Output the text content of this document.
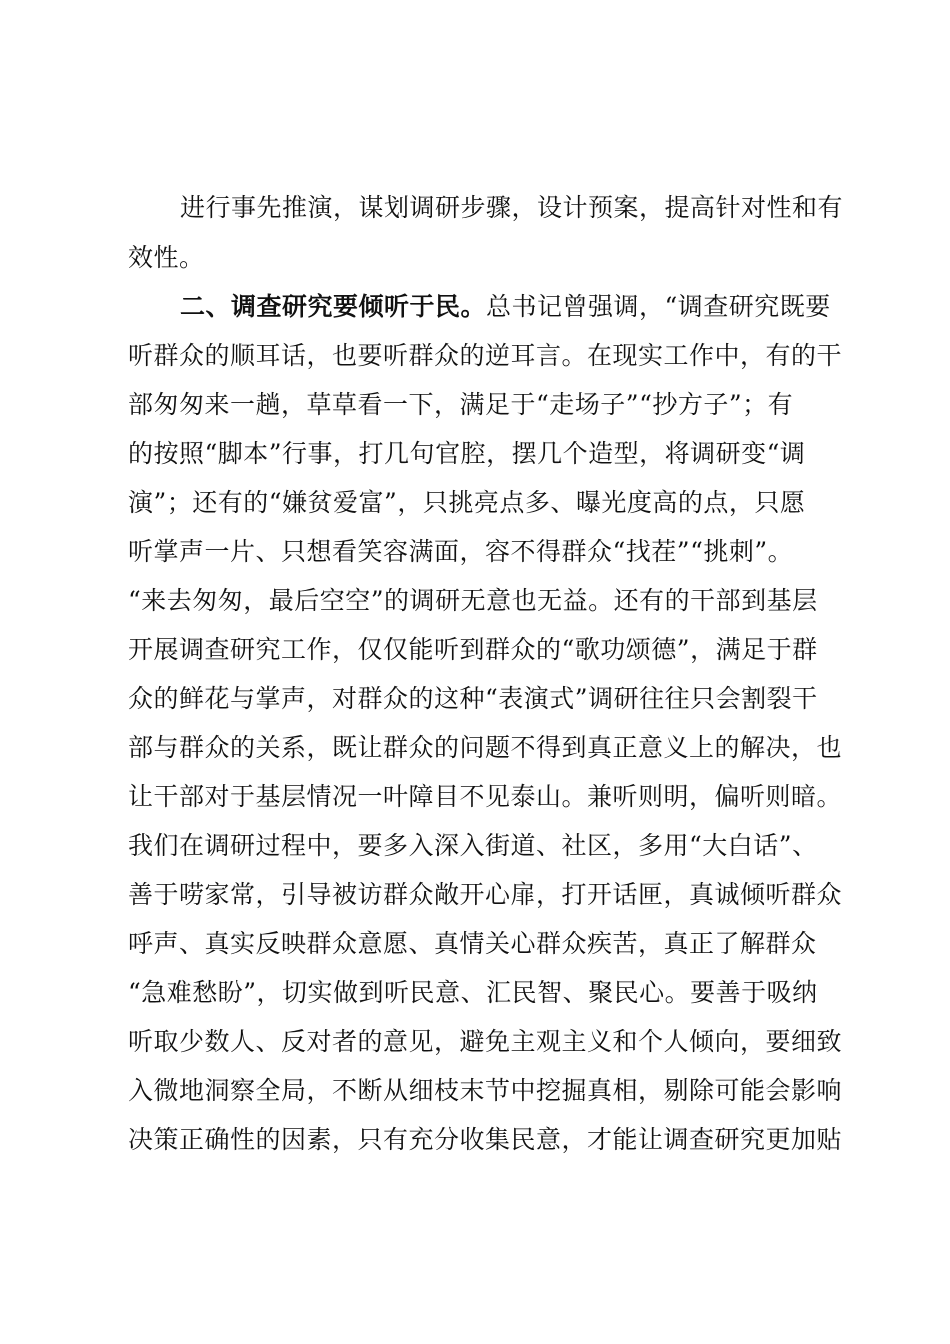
进行事先推演，谋划调研步骤，设计预案，提高针对性和有
效性。
二、调查研究要倾听于民。总书记曾强调，“调查研究既要
听群众的顺耳话，也要听群众的逆耳言。在现实工作中，有的干
部匆匆来一趟，草草看一下，满足于“走场子”“抄方子”；有
的按照“脚本”行事，打几句官腔，摆几个造型，将调研变“调
演”；还有的“嫌贫爱富”，只挑亮点多、曝光度高的点，只愿
听掌声一片、只想看笑容满面，容不得群众“找茬”“挑刺”。
“来去匆匆，最后空空”的调研无意也无益。还有的干部到基层
开展调查研究工作，仅仅能听到群众的“歌功颂德”，满足于群
众的鲜花与掌声，对群众的这种“表演式”调研往往只会割裂干
部与群众的关系，既让群众的问题不得到真正意义上的解决，也
让干部对于基层情况一叶障目不见泰山。兼听则明，偏听则暗。
我们在调研过程中，要多入深入街道、社区，多用“大白话”、
善于唠家常，引导被访群众敞开心扉，打开话匣，真诚倾听群众
呼声、真实反映群众意愿、真情关心群众疾苦，真正了解群众
“急难愁盼”，切实做到听民意、汇民智、聚民心。要善于吸纳
听取少数人、反对者的意见，避免主观主义和个人倾向，要细致
入微地洞察全局，不断从细枝末节中挖掘真相，剔除可能会影响
决策正确性的因素，只有充分收集民意，才能让调查研究更加贴
